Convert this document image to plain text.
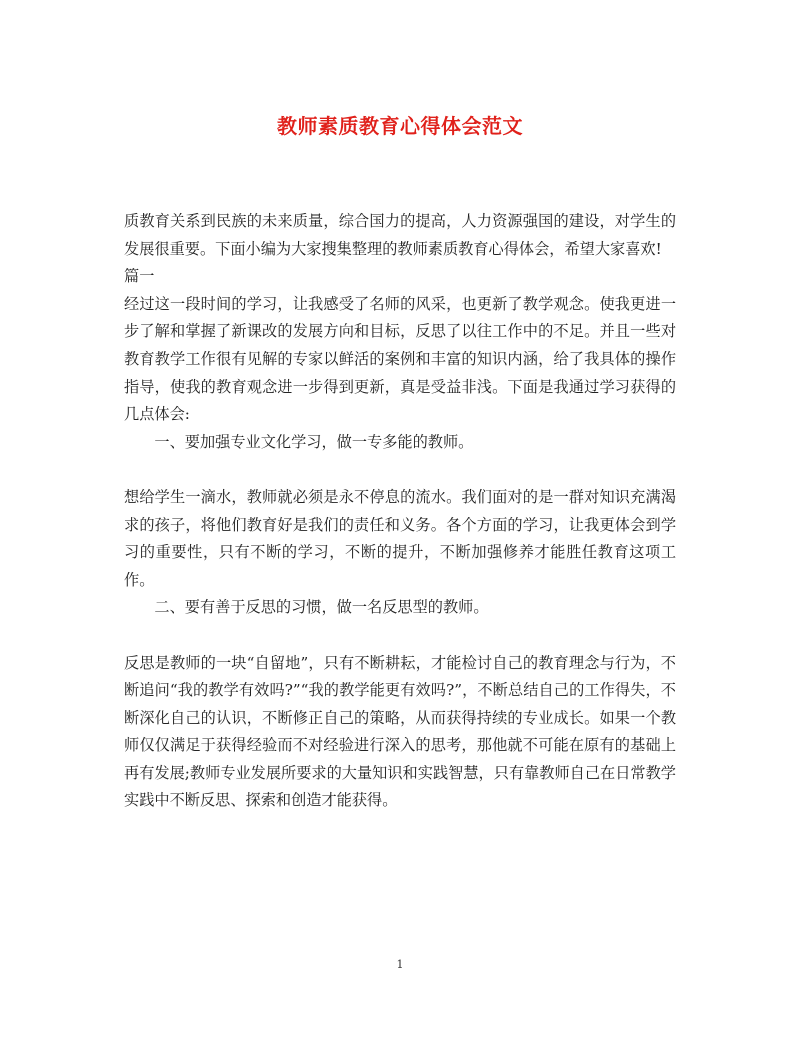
教师素质教育心得体会范文

质教育关系到民族的未来质量，综合国力的提高，人力资源强国的建设，对学生的发展很重要。下面小编为大家搜集整理的教师素质教育心得体会，希望大家喜欢!

篇一

经过这一段时间的学习，让我感受了名师的风采，也更新了教学观念。使我更进一步了解和掌握了新课改的发展方向和目标，反思了以往工作中的不足。并且一些对教育教学工作很有见解的专家以鲜活的案例和丰富的知识内涵，给了我具体的操作指导，使我的教育观念进一步得到更新，真是受益非浅。下面是我通过学习获得的几点体会:

一、要加强专业文化学习，做一专多能的教师。

想给学生一滴水，教师就必须是永不停息的流水。我们面对的是一群对知识充满渴求的孩子，将他们教育好是我们的责任和义务。各个方面的学习，让我更体会到学习的重要性，只有不断的学习，不断的提升，不断加强修养才能胜任教育这项工作。

二、要有善于反思的习惯，做一名反思型的教师。

反思是教师的一块“自留地”，只有不断耕耘，才能检讨自己的教育理念与行为，不断追问“我的教学有效吗?”“我的教学能更有效吗?”，不断总结自己的工作得失，不断深化自己的认识，不断修正自己的策略，从而获得持续的专业成长。如果一个教师仅仅满足于获得经验而不对经验进行深入的思考，那他就不可能在原有的基础上再有发展;教师专业发展所要求的大量知识和实践智慧，只有靠教师自己在日常教学实践中不断反思、探索和创造才能获得。

1
